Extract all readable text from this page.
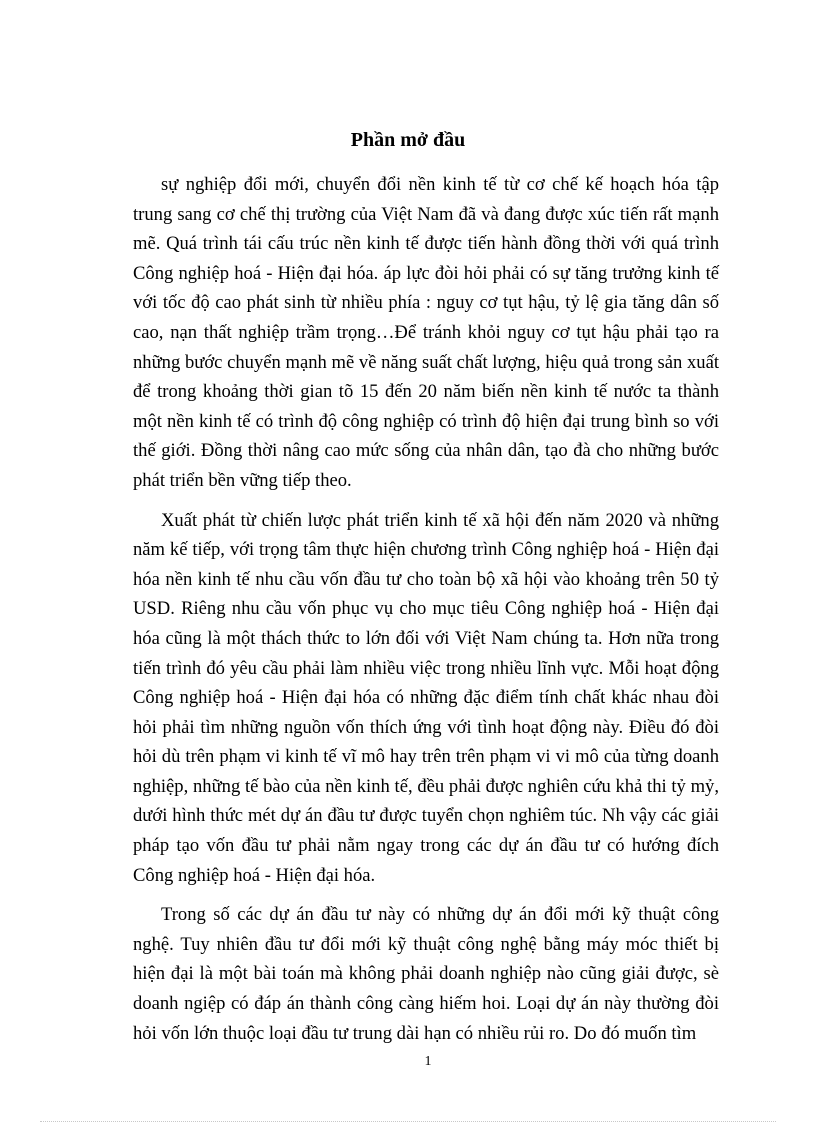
Phần mở đầu

sự nghiệp đổi mới, chuyển đổi nền kinh tế từ cơ chế kế hoạch hóa tập trung sang cơ chế thị trường của Việt Nam đã và đang được xúc tiến rất mạnh mẽ. Quá trình tái cấu trúc nền kinh tế được tiến hành đồng thời với quá trình Công nghiệp hoá - Hiện đại hóa. áp lực đòi hỏi phải có sự tăng trưởng kinh tế với tốc độ cao phát sinh từ nhiều phía : nguy cơ tụt hậu, tỷ lệ gia tăng dân số cao, nạn thất nghiệp trầm trọng…Để tránh khỏi nguy cơ tụt hậu phải tạo ra những bước chuyển mạnh mẽ về năng suất chất lượng, hiệu quả trong sản xuất để trong khoảng thời gian tõ 15 đến 20 năm biến nền kinh tế nước ta thành một nền kinh tế có trình độ công nghiệp có trình độ hiện đại trung bình so với thế giới. Đồng thời nâng cao mức sống của nhân dân, tạo đà cho những bước phát triển bền vững tiếp theo.

Xuất phát từ chiến lược phát triển kinh tế xã hội đến năm 2020 và những năm kế tiếp, với trọng tâm thực hiện chương trình Công nghiệp hoá - Hiện đại hóa nền kinh tế nhu cầu vốn đầu tư cho toàn bộ xã hội vào khoảng trên 50 tỷ USD. Riêng nhu cầu vốn phục vụ cho mục tiêu Công nghiệp hoá - Hiện đại hóa cũng là một thách thức to lớn đối với Việt Nam chúng ta. Hơn nữa trong tiến trình đó yêu cầu phải làm nhiều việc trong nhiều lĩnh vực. Mỗi hoạt động Công nghiệp hoá - Hiện đại hóa có những đặc điểm tính chất khác nhau đòi hỏi phải tìm những nguồn vốn thích ứng với tình hoạt động này. Điều đó đòi hỏi dù trên phạm vi kinh tế vĩ mô hay trên trên phạm vi vi mô của từng doanh nghiệp, những tế bào của nền kinh tế, đều phải được nghiên cứu khả thi tỷ mỷ, dưới hình thức mét dự án đầu tư được tuyển chọn nghiêm túc. Nh vậy các giải pháp tạo vốn đầu tư phải nằm ngay trong các dự án đầu tư có hướng đích Công nghiệp hoá - Hiện đại hóa.

Trong số các dự án đầu tư này có những dự án đổi mới kỹ thuật công nghệ. Tuy nhiên đầu tư đổi mới kỹ thuật công nghệ bằng máy móc thiết bị hiện đại là một bài toán mà không phải doanh nghiệp nào cũng giải được, sè doanh ngiệp có đáp án thành công càng hiếm hoi. Loại dự án này thường đòi hỏi vốn lớn thuộc loại đầu tư trung dài hạn có nhiều rủi ro. Do đó muốn tìm

1
